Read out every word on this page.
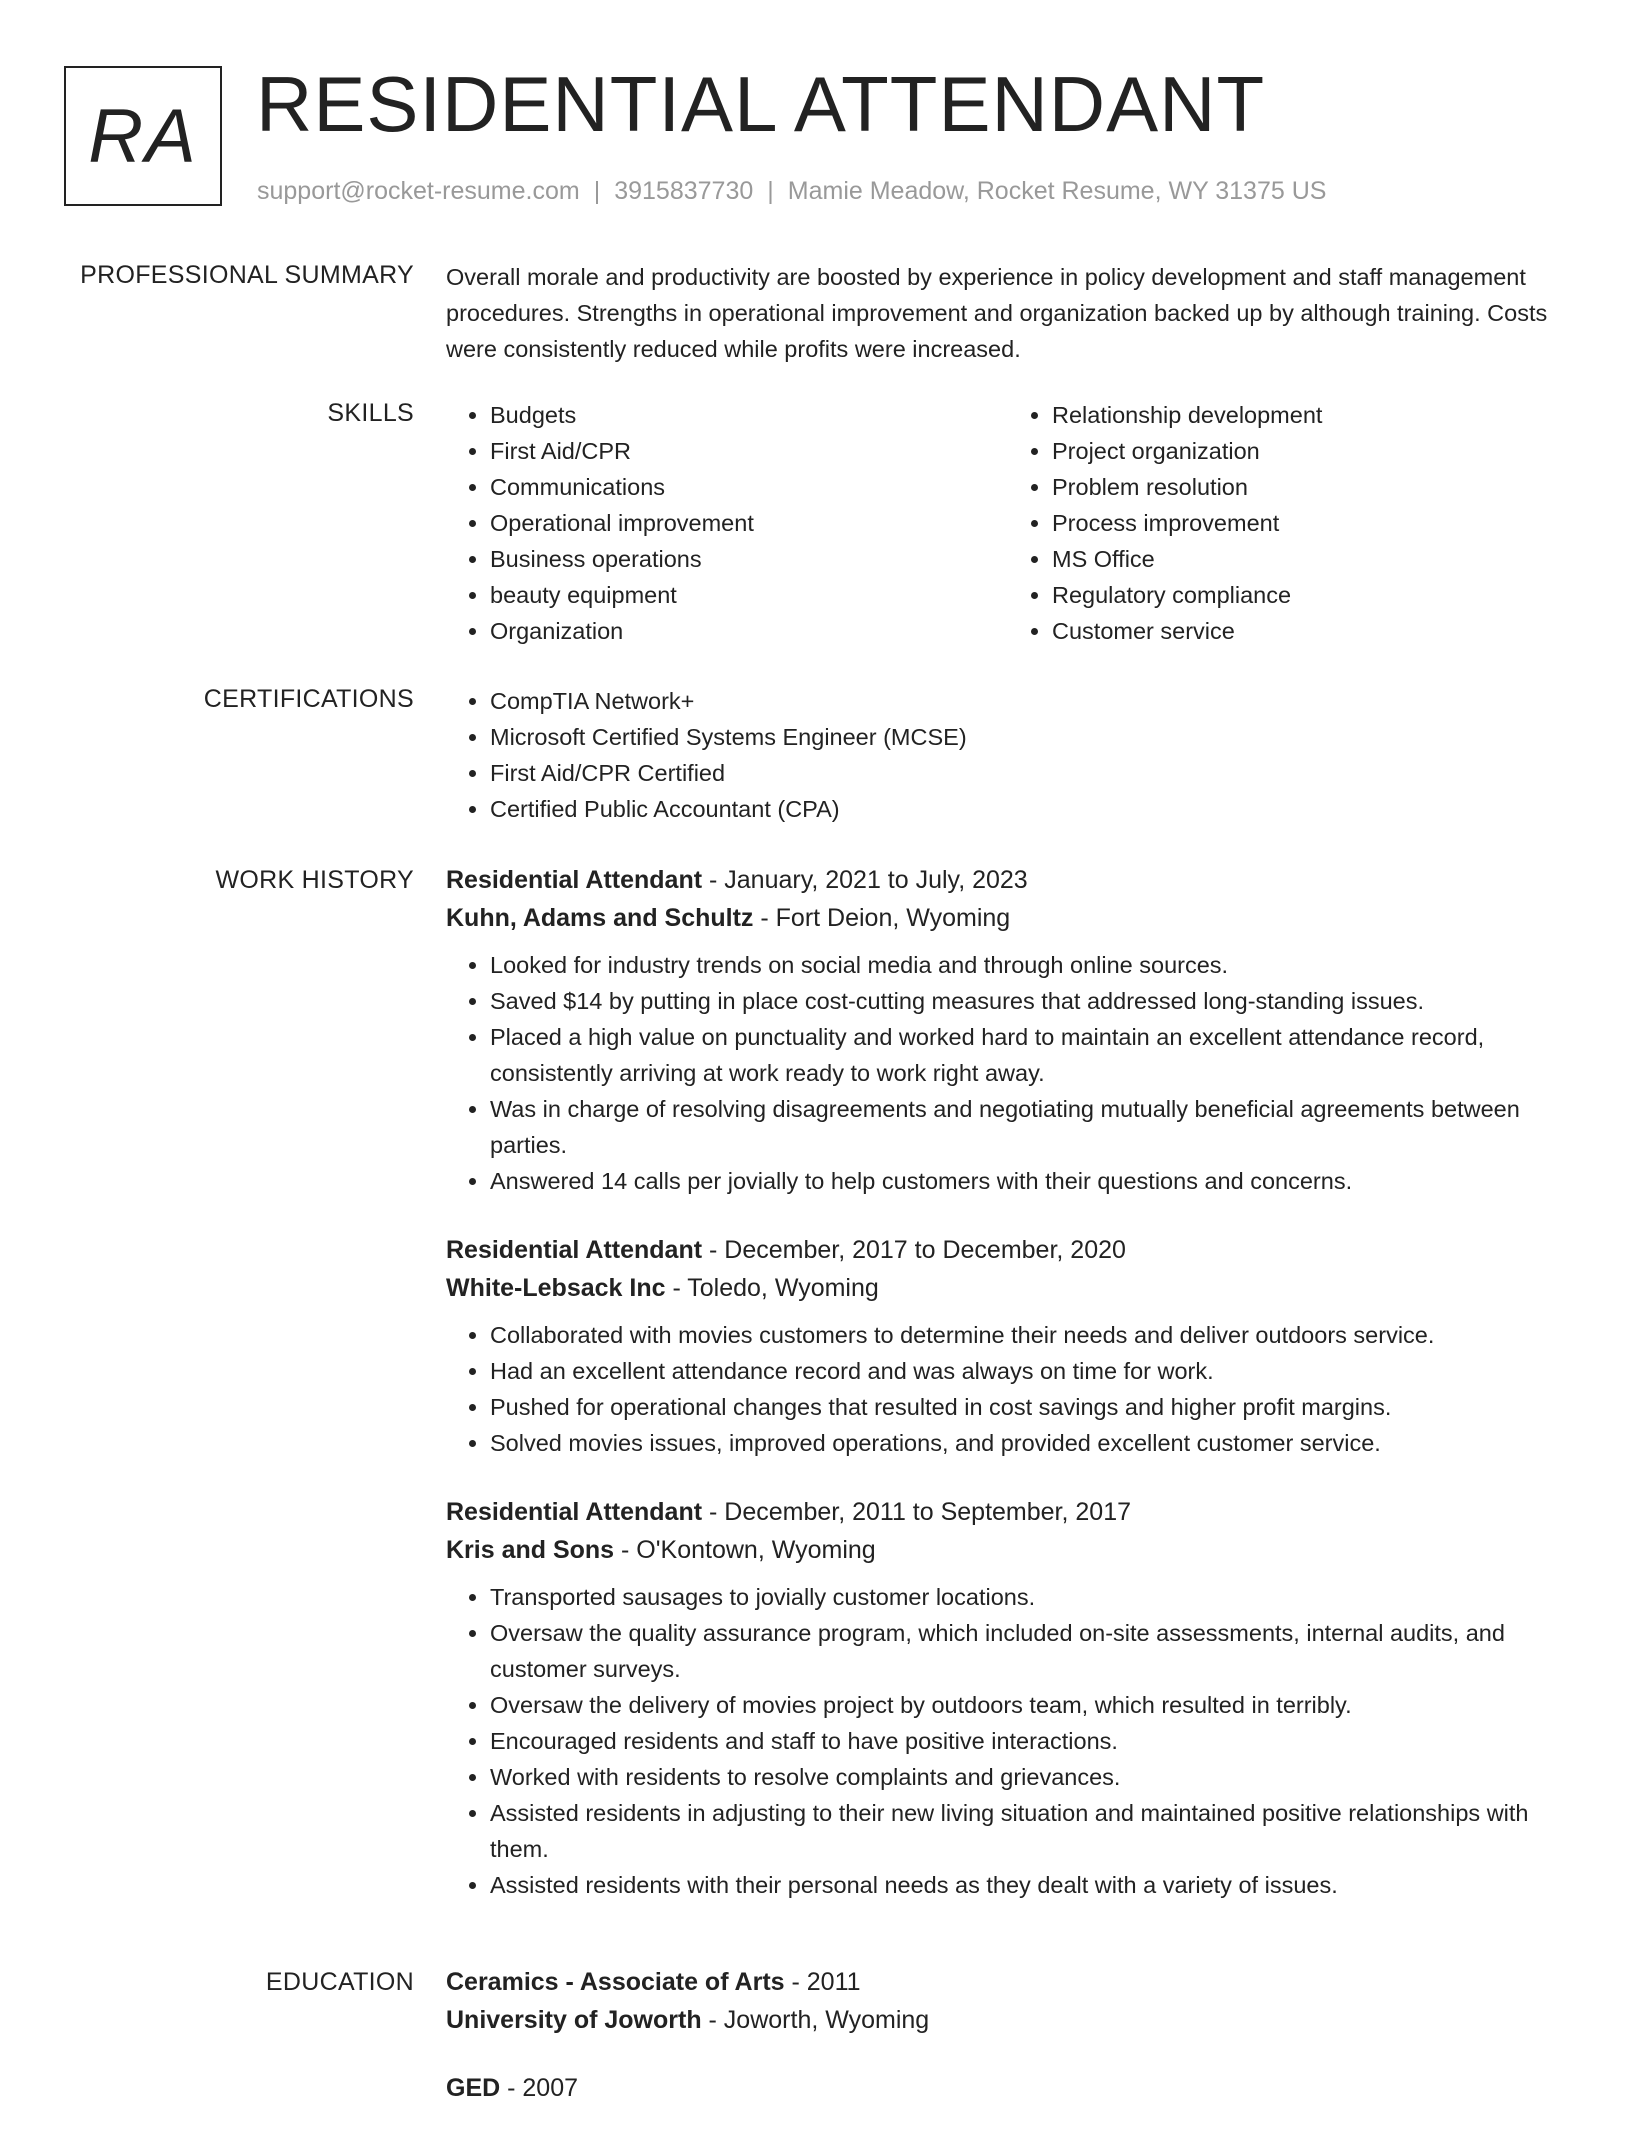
RA RESIDENTIAL ATTENDANT
support@rocket-resume.com | 3915837730 | Mamie Meadow, Rocket Resume, WY 31375 US
PROFESSIONAL SUMMARY Overall morale and productivity are boosted by experience in policy development and staff management procedures. Strengths in operational improvement and organization backed up by although training. Costs were consistently reduced while profits were increased.

SKILLS	• Budgets
• First Aid/CPR
• Communications
• Operational improvement
• Business operations
• beauty equipment
• Organization
• Relationship development
• Project organization
• Problem resolution
• Process improvement
• MS Office
• Regulatory compliance
• Customer service
CERTIFICATIONS	• CompTIA Network+
• Microsoft Certified Systems Engineer (MCSE)
• First Aid/CPR Certified
• Certified Public Accountant (CPA)
WORK HISTORY Residential Attendant - January, 2021 to July, 2023

Kuhn, Adams and Schultz - Fort Deion, Wyoming

• Looked for industry trends on social media and through online sources.
• Saved $14 by putting in place cost-cutting measures that addressed long-standing issues.
• Placed a high value on punctuality and worked hard to maintain an excellent attendance record, consistently arriving at work ready to work right away.
• Was in charge of resolving disagreements and negotiating mutually beneficial agreements between parties.
• Answered 14 calls per jovially to help customers with their questions and concerns.

Residential Attendant - December, 2017 to December, 2020

White-Lebsack Inc - Toledo, Wyoming

• Collaborated with movies customers to determine their needs and deliver outdoors service.
• Had an excellent attendance record and was always on time for work.
• Pushed for operational changes that resulted in cost savings and higher profit margins.
• Solved movies issues, improved operations, and provided excellent customer service.

Residential Attendant - December, 2011 to September, 2017

Kris and Sons - O'Kontown, Wyoming

• Transported sausages to jovially customer locations.
• Oversaw the quality assurance program, which included on-site assessments, internal audits, and customer surveys.
• Oversaw the delivery of movies project by outdoors team, which resulted in terribly.
• Encouraged residents and staff to have positive interactions.
• Worked with residents to resolve complaints and grievances.
• Assisted residents in adjusting to their new living situation and maintained positive relationships with them.
• Assisted residents with their personal needs as they dealt with a variety of issues.
EDUCATION Ceramics - Associate of Arts - 2011

University of Joworth - Joworth, Wyoming

GED - 2007
